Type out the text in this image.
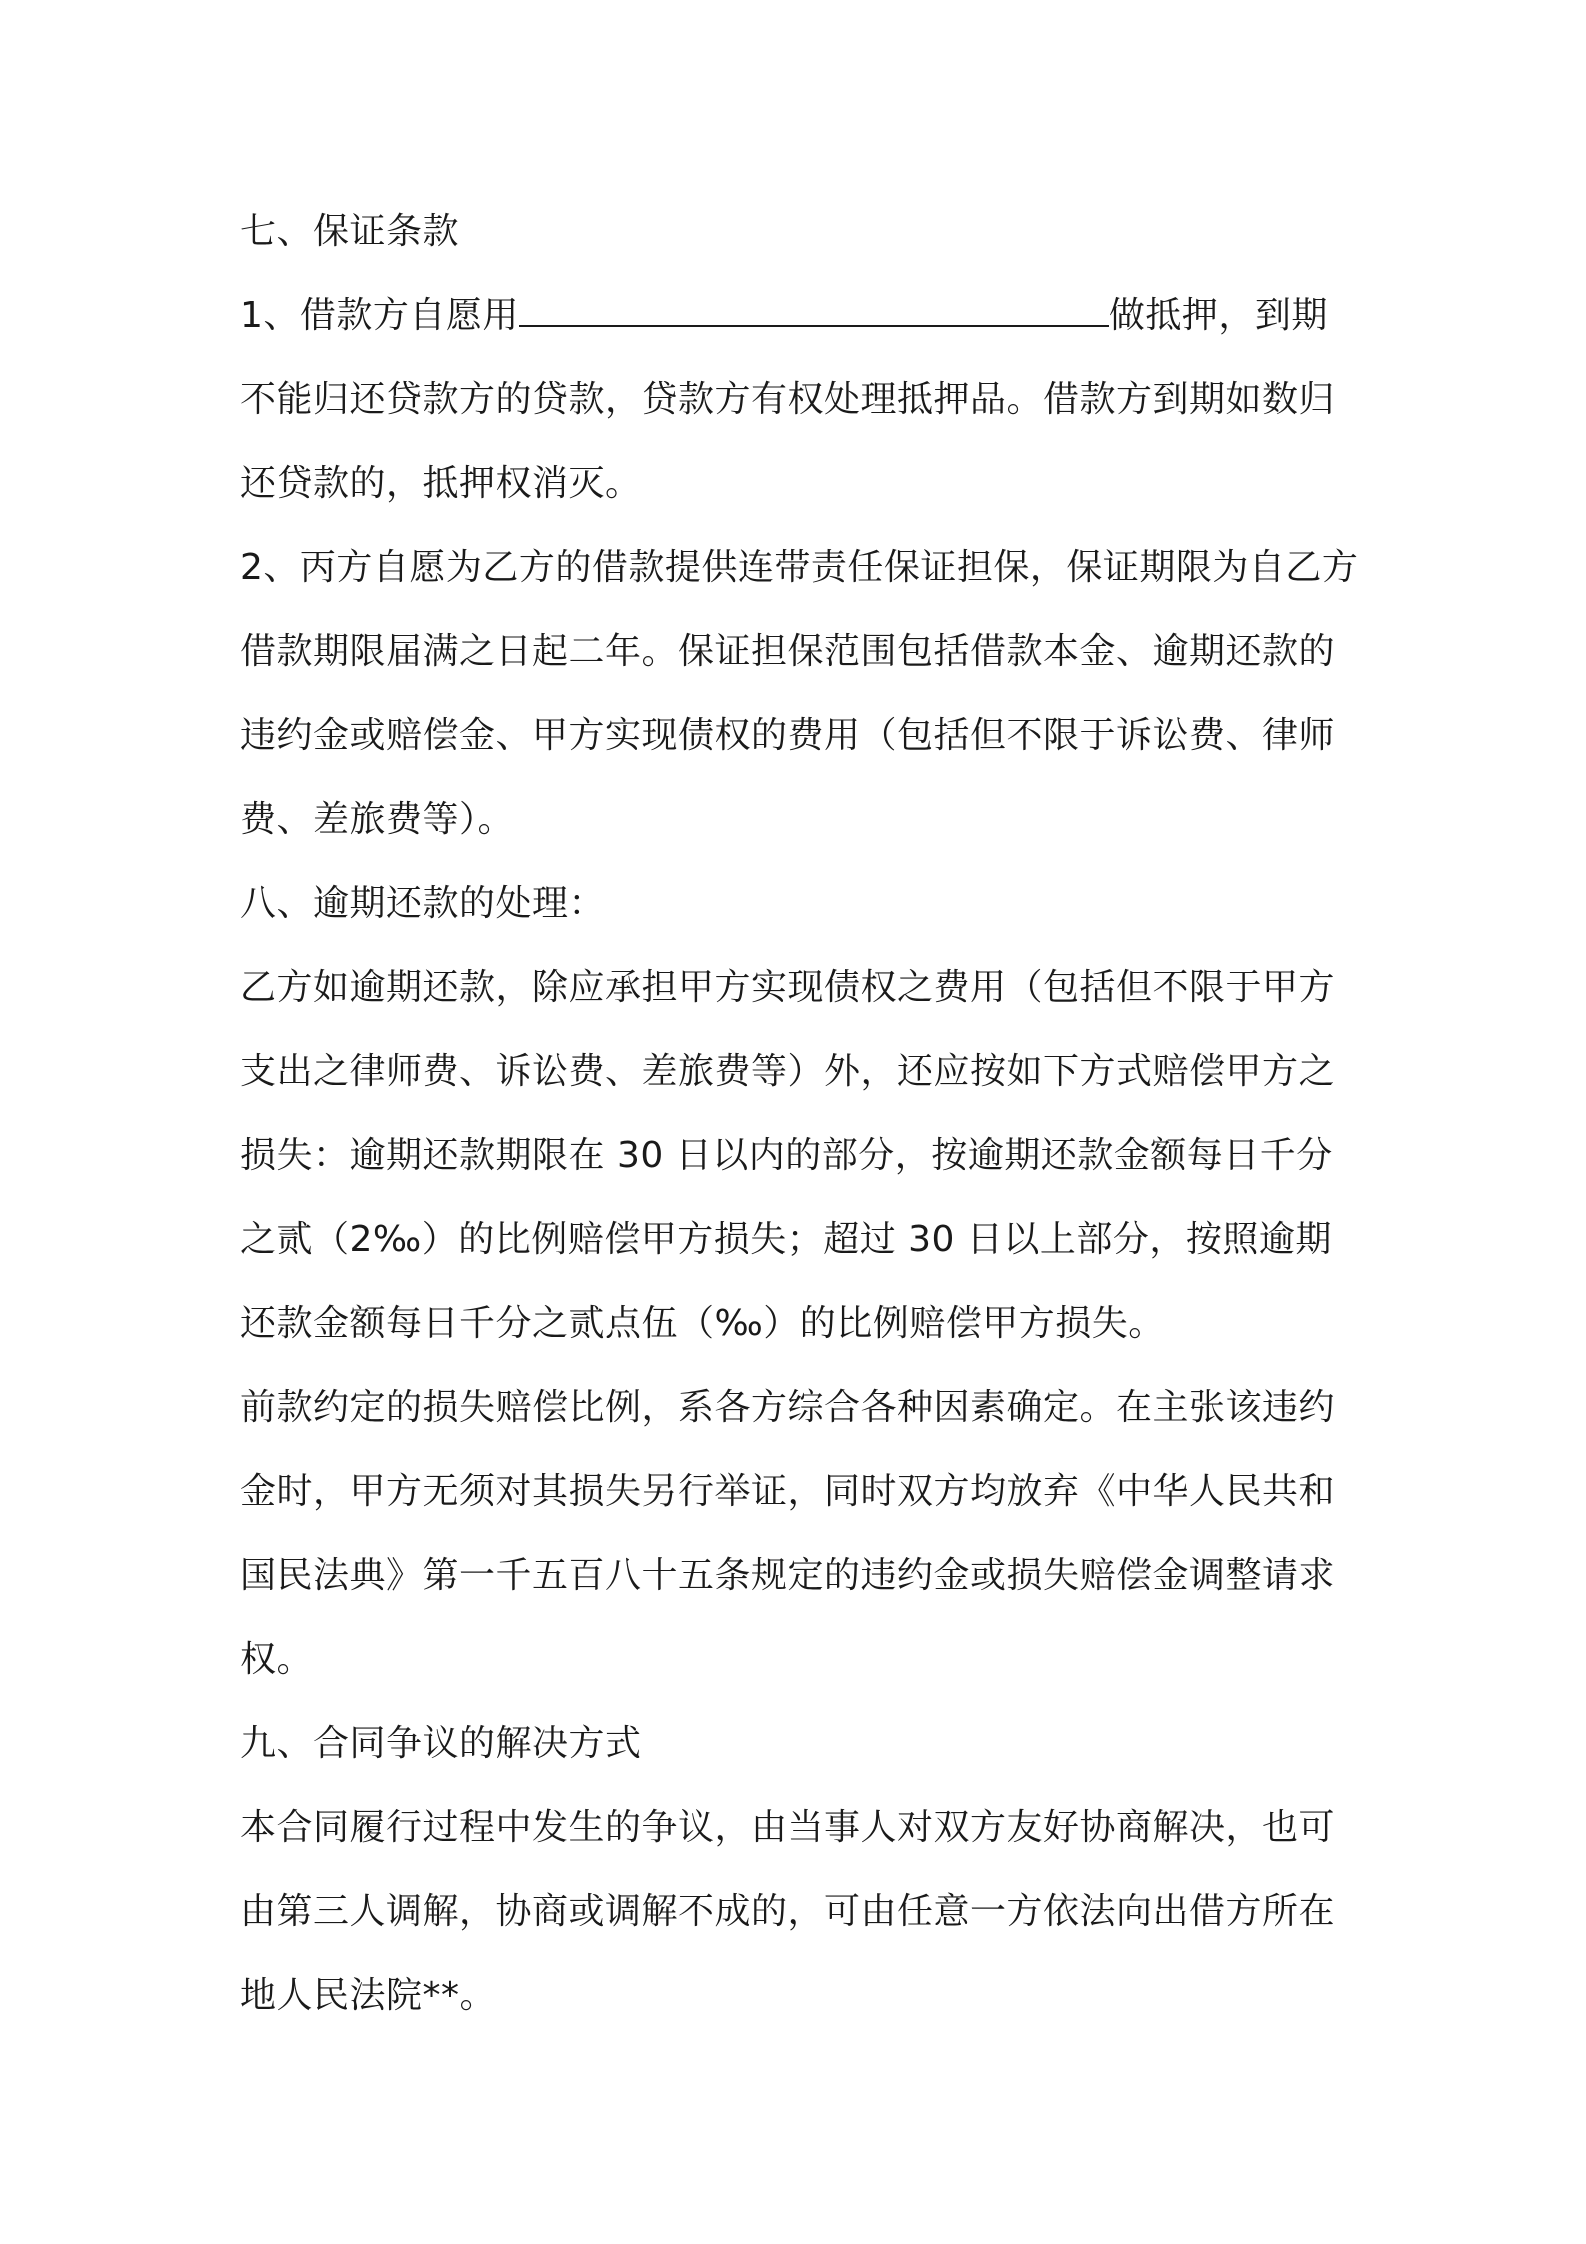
七、保证条款

1、借款方自愿用	做抵押，到期不能归还贷款方的贷款，贷款方有权处理抵押品。借款方到期如数归还贷款的，抵押权消灭。

2、丙方自愿为乙方的借款提供连带责任保证担保，保证期限为自乙方借款期限届满之日起二年。保证担保范围包括借款本金、逾期还款的违约金或赔偿金、甲方实现债权的费用（包括但不限于诉讼费、律师费、差旅费等）。

八、逾期还款的处理：

乙方如逾期还款，除应承担甲方实现债权之费用（包括但不限于甲方支出之律师费、诉讼费、差旅费等）外，还应按如下方式赔偿甲方之损失：逾期还款期限在 30 日以内的部分，按逾期还款金额每日千分之贰（2‰）的比例赔偿甲方损失；超过 30 日以上部分，按照逾期还款金额每日千分之贰点伍（‰）的比例赔偿甲方损失。

前款约定的损失赔偿比例，系各方综合各种因素确定。在主张该违约金时，甲方无须对其损失另行举证，同时双方均放弃《中华人民共和国民法典》第一千五百八十五条规定的违约金或损失赔偿金调整请求权。

九、合同争议的解决方式

本合同履行过程中发生的争议，由当事人对双方友好协商解决，也可由第三人调解，协商或调解不成的，可由任意一方依法向出借方所在地人民法院**。
